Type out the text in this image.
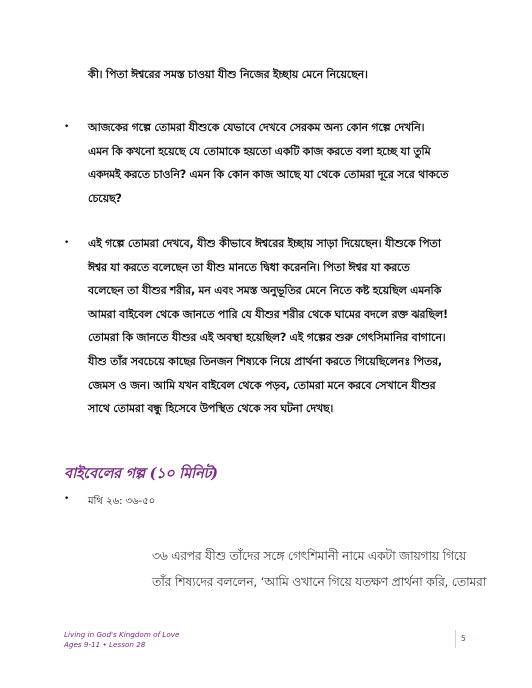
কী। পিতা ঈশ্বরের সমস্ত চাওয়া যীশু নিজের ইচ্ছায় মেনে নিয়েছেন।

• আজকের গল্পে তোমরা যীশুকে যেভাবে দেখবে সেরকম অন্য কোন গল্পে দেখনি।
এমন কি কখনো হয়েছে যে তোমাকে হয়তো একটি কাজ করতে বলা হচ্ছে যা তুমি
একদমই করতে চাওনি? এমন কি কোন কাজ আছে যা থেকে তোমরা দূরে সরে থাকতে
চেয়েছ?

• এই গল্পে তোমরা দেখবে, যীশু কীভাবে ঈশ্বরের ইচ্ছায় সাড়া দিয়েছেন। যীশুকে পিতা
ঈশ্বর যা করতে বলেছেন তা যীশু মানতে দ্বিধা করেননি। পিতা ঈশ্বর যা করতে
বলেছেন তা যীশুর শরীর, মন এবং সমস্ত অনুভূতির মেনে নিতে কষ্ট হয়েছিল এমনকি
আমরা বাইবেল থেকে জানতে পারি যে যীশুর শরীর থেকে ঘামের বদলে রক্ত ঝরছিল!
তোমরা কি জানতে যীশুর এই অবস্থা হয়েছিল? এই গল্পের শুরু গেৎসিমানির বাগানে।
যীশু তাঁর সবচেয়ে কাছের তিনজন শিষ্যকে নিয়ে প্রার্থনা করতে গিয়েছিলেনঃ পিতর,
জেমস ও জন। আমি যখন বাইবেল থেকে পড়ব, তোমরা মনে করবে সেখানে যীশুর
সাথে তোমরা বন্ধু হিসেবে উপস্থিত থেকে সব ঘটনা দেখছ।

বাইবেলের গল্প (১০ মিনিট)
• মথি ২৬: ৩৬-৫০

৩৬ এরপর যীশু তাঁদের সঙ্গে গেৎশিমানী নামে একটা জায়গায় গিয়ে
তাঁর শিষ্যদের বললেন, ‘আমি ওখানে গিয়ে যতক্ষণ প্রার্থনা করি, তোমরা

Living in God's Kingdom of Love
Ages 9-11 • Lesson 28
5
